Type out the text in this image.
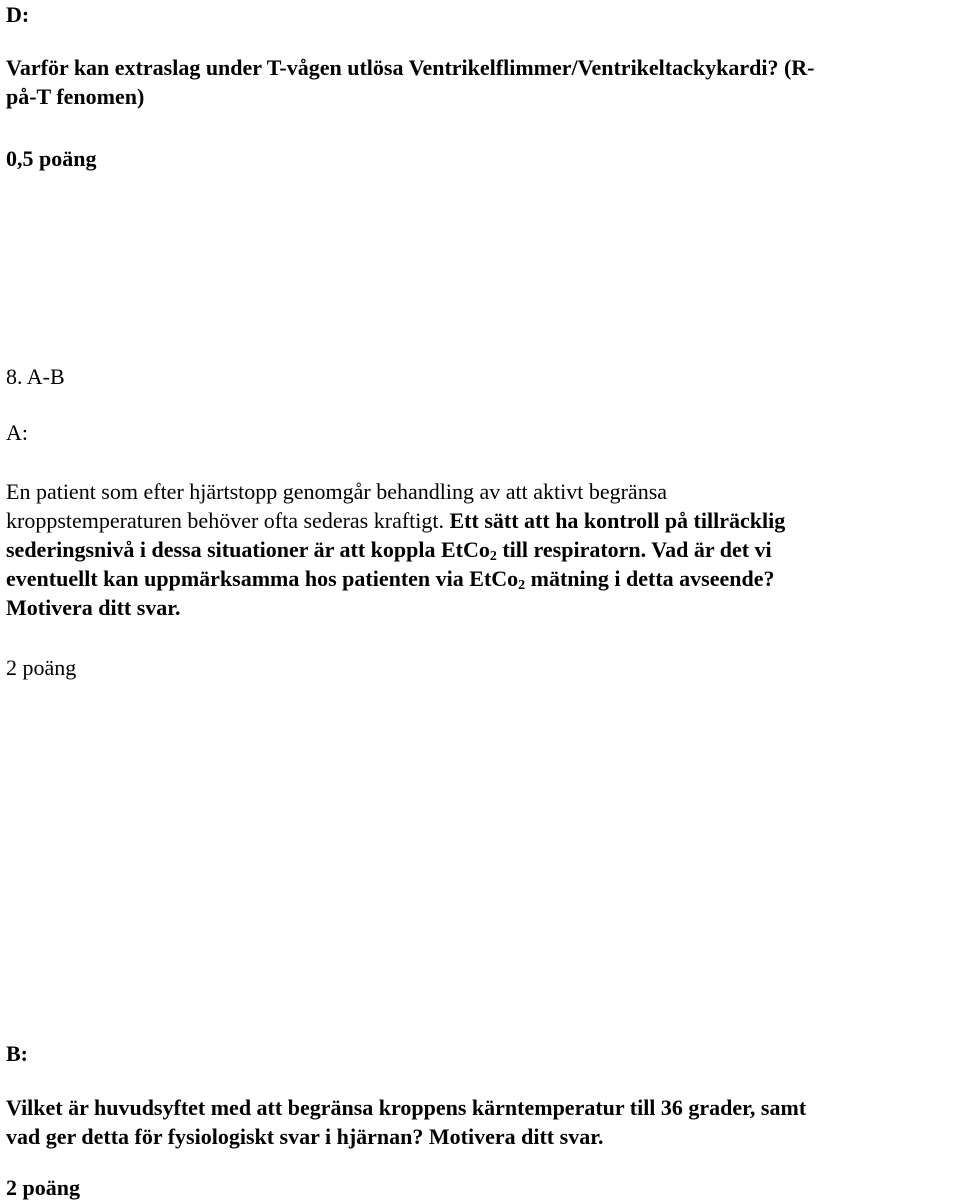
D:

Varför kan extraslag under T-vågen utlösa Ventrikelflimmer/Ventrikeltackykardi? (R-
på-T fenomen)

0,5 poäng

8. A-B

A:

En patient som efter hjärtstopp genomgår behandling av att aktivt begränsa
kroppstemperaturen behöver ofta sederas kraftigt. Ett sätt att ha kontroll på tillräcklig
sederingsnivå i dessa situationer är att koppla EtCo$_2$ till respiratorn. Vad är det vi
eventuellt kan uppmärksamma hos patienten via EtCo$_2$ mätning i detta avseende?
Motivera ditt svar.

2 poäng

B:

Vilket är huvudsyftet med att begränsa kroppens kärntemperatur till 36 grader, samt
vad ger detta för fysiologiskt svar i hjärnan? Motivera ditt svar.

2 poäng
